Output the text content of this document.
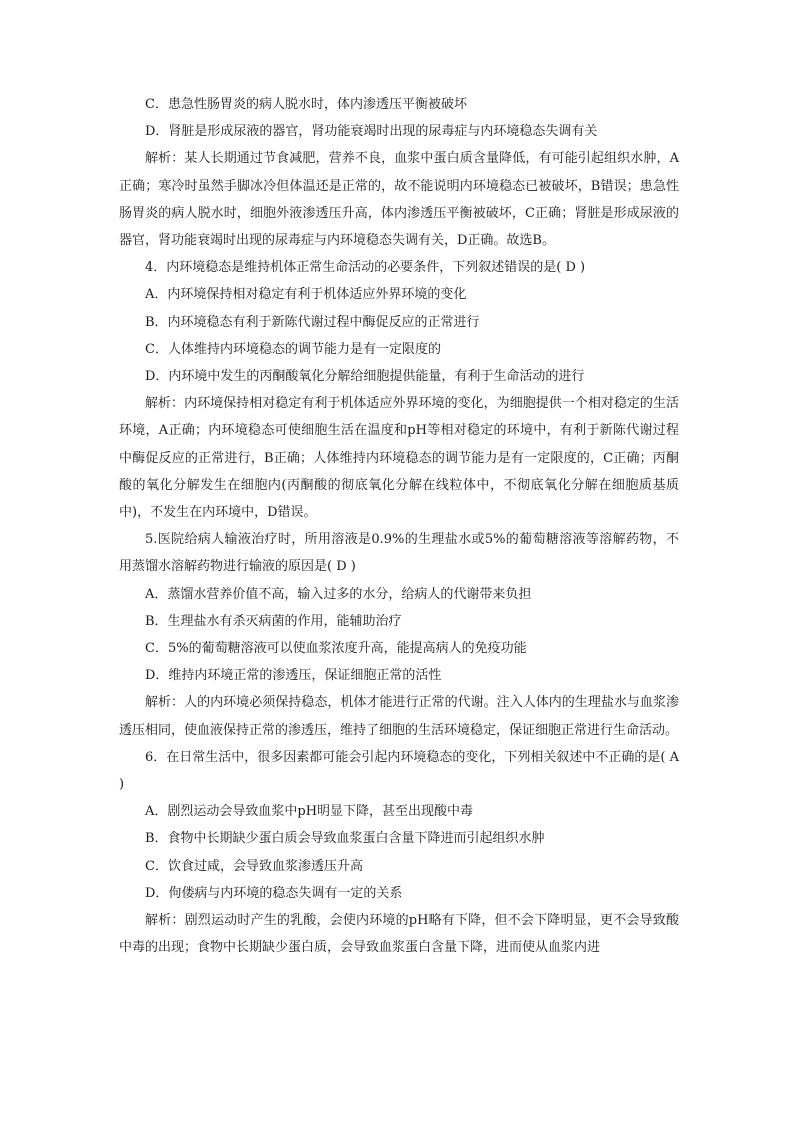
C．患急性肠胃炎的病人脱水时，体内渗透压平衡被破坏

D．肾脏是形成尿液的器官，肾功能衰竭时出现的尿毒症与内环境稳态失调有关

解析：某人长期通过节食减肥，营养不良，血浆中蛋白质含量降低，有可能引起组织水肿，A正确；寒冷时虽然手脚冰冷但体温还是正常的，故不能说明内环境稳态已被破坏，B错误；患急性肠胃炎的病人脱水时，细胞外液渗透压升高，体内渗透压平衡被破坏，C正确；肾脏是形成尿液的器官，肾功能衰竭时出现的尿毒症与内环境稳态失调有关，D正确。故选B。

4．内环境稳态是维持机体正常生命活动的必要条件，下列叙述错误的是( D )

A．内环境保持相对稳定有利于机体适应外界环境的变化

B．内环境稳态有利于新陈代谢过程中酶促反应的正常进行

C．人体维持内环境稳态的调节能力是有一定限度的

D．内环境中发生的丙酮酸氧化分解给细胞提供能量，有利于生命活动的进行

解析：内环境保持相对稳定有利于机体适应外界环境的变化，为细胞提供一个相对稳定的生活环境，A正确；内环境稳态可使细胞生活在温度和pH等相对稳定的环境中，有利于新陈代谢过程中酶促反应的正常进行，B正确；人体维持内环境稳态的调节能力是有一定限度的，C正确；丙酮酸的氧化分解发生在细胞内(丙酮酸的彻底氧化分解在线粒体中，不彻底氧化分解在细胞质基质中)，不发生在内环境中，D错误。

5.医院给病人输液治疗时，所用溶液是0.9%的生理盐水或5%的葡萄糖溶液等溶解药物，不用蒸馏水溶解药物进行输液的原因是( D )

A．蒸馏水营养价值不高，输入过多的水分，给病人的代谢带来负担

B．生理盐水有杀灭病菌的作用，能辅助治疗

C．5%的葡萄糖溶液可以使血浆浓度升高，能提高病人的免疫功能

D．维持内环境正常的渗透压，保证细胞正常的活性

解析：人的内环境必须保持稳态，机体才能进行正常的代谢。注入人体内的生理盐水与血浆渗透压相同，使血液保持正常的渗透压，维持了细胞的生活环境稳定，保证细胞正常进行生命活动。

6．在日常生活中，很多因素都可能会引起内环境稳态的变化，下列相关叙述中不正确的是( A )

A．剧烈运动会导致血浆中pH明显下降，甚至出现酸中毒

B．食物中长期缺少蛋白质会导致血浆蛋白含量下降进而引起组织水肿

C．饮食过咸，会导致血浆渗透压升高

D．佝偻病与内环境的稳态失调有一定的关系

解析：剧烈运动时产生的乳酸，会使内环境的pH略有下降，但不会下降明显，更不会导致酸中毒的出现；食物中长期缺少蛋白质，会导致血浆蛋白含量下降，进而使从血浆内进
